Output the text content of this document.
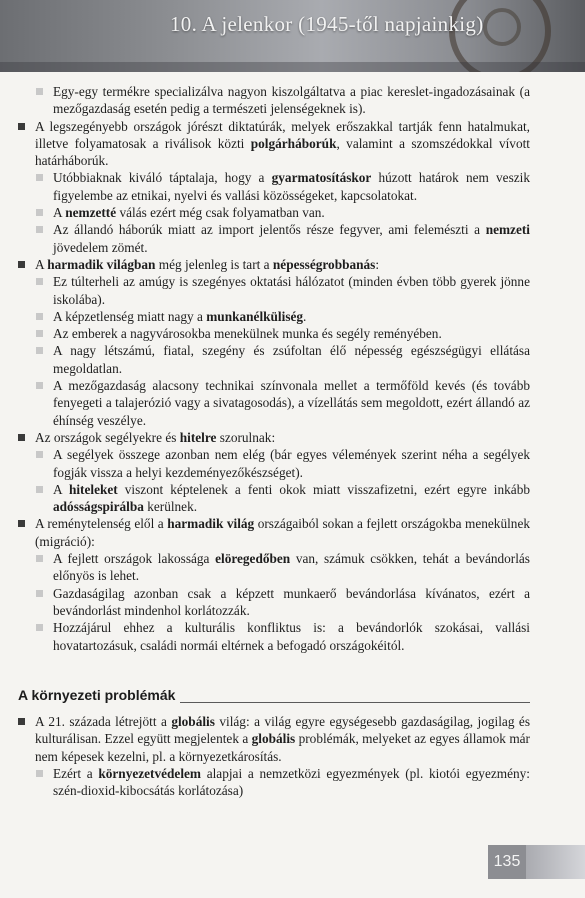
10. A jelenkor (1945-től napjainkig)

Egy-egy termékre specializálva nagyon kiszolgáltatva a piac kereslet-ingadozásainak (a mezőgazdaság esetén pedig a természeti jelenségeknek is).

A legszegényebb országok jórészt diktatúrák, melyek erőszakkal tartják fenn hatalmukat, illetve folyamatosak a riválisok közti polgárháborúk, valamint a szomszédokkal vívott határháborúk.

Utóbbiaknak kiváló táptalaja, hogy a gyarmatosításkor húzott határok nem veszik figyelembe az etnikai, nyelvi és vallási közösségeket, kapcsolatokat.

A nemzetté válás ezért még csak folyamatban van.

Az állandó háborúk miatt az import jelentős része fegyver, ami felemészti a nemzeti jövedelem zömét.

A harmadik világban még jelenleg is tart a népességrobbanás:

Ez túlterheli az amúgy is szegényes oktatási hálózatot (minden évben több gyerek jönne iskolába).

A képzetlenség miatt nagy a munkanélküliség.

Az emberek a nagyvárosokba menekülnek munka és segély reményében.

A nagy létszámú, fiatal, szegény és zsúfoltan élő népesség egészségügyi ellátása megoldatlan.

A mezőgazdaság alacsony technikai színvonala mellet a termőföld kevés (és tovább fenyegeti a talajerózió vagy a sivatagosodás), a vízellátás sem megoldott, ezért állandó az éhínség veszélye.

Az országok segélyekre és hitelre szorulnak:

A segélyek összege azonban nem elég (bár egyes vélemények szerint néha a segélyek fogják vissza a helyi kezdeményezőkészséget).

A hiteleket viszont képtelenek a fenti okok miatt visszafizetni, ezért egyre inkább adósságspirálba kerülnek.

A reménytelenség elől a harmadik világ országaiból sokan a fejlett országokba menekülnek (migráció):

A fejlett országok lakossága elöregedőben van, számuk csökken, tehát a bevándorlás előnyös is lehet.

Gazdaságilag azonban csak a képzett munkaerő bevándorlása kívánatos, ezért a bevándorlást mindenhol korlátozzák.

Hozzájárul ehhez a kulturális konfliktus is: a bevándorlók szokásai, vallási hovatartozásuk, családi normái eltérnek a befogadó országokéitól.

A környezeti problémák

A 21. százada létrejött a globális világ: a világ egyre egységesebb gazdaságilag, jogilag és kulturálisan. Ezzel együtt megjelentek a globális problémák, melyeket az egyes államok már nem képesek kezelni, pl. a környezetkárosítás.

Ezért a környezetvédelem alapjai a nemzetközi egyezmények (pl. kiotói egyezmény: szén-dioxid-kibocsátás korlátozása)

135
